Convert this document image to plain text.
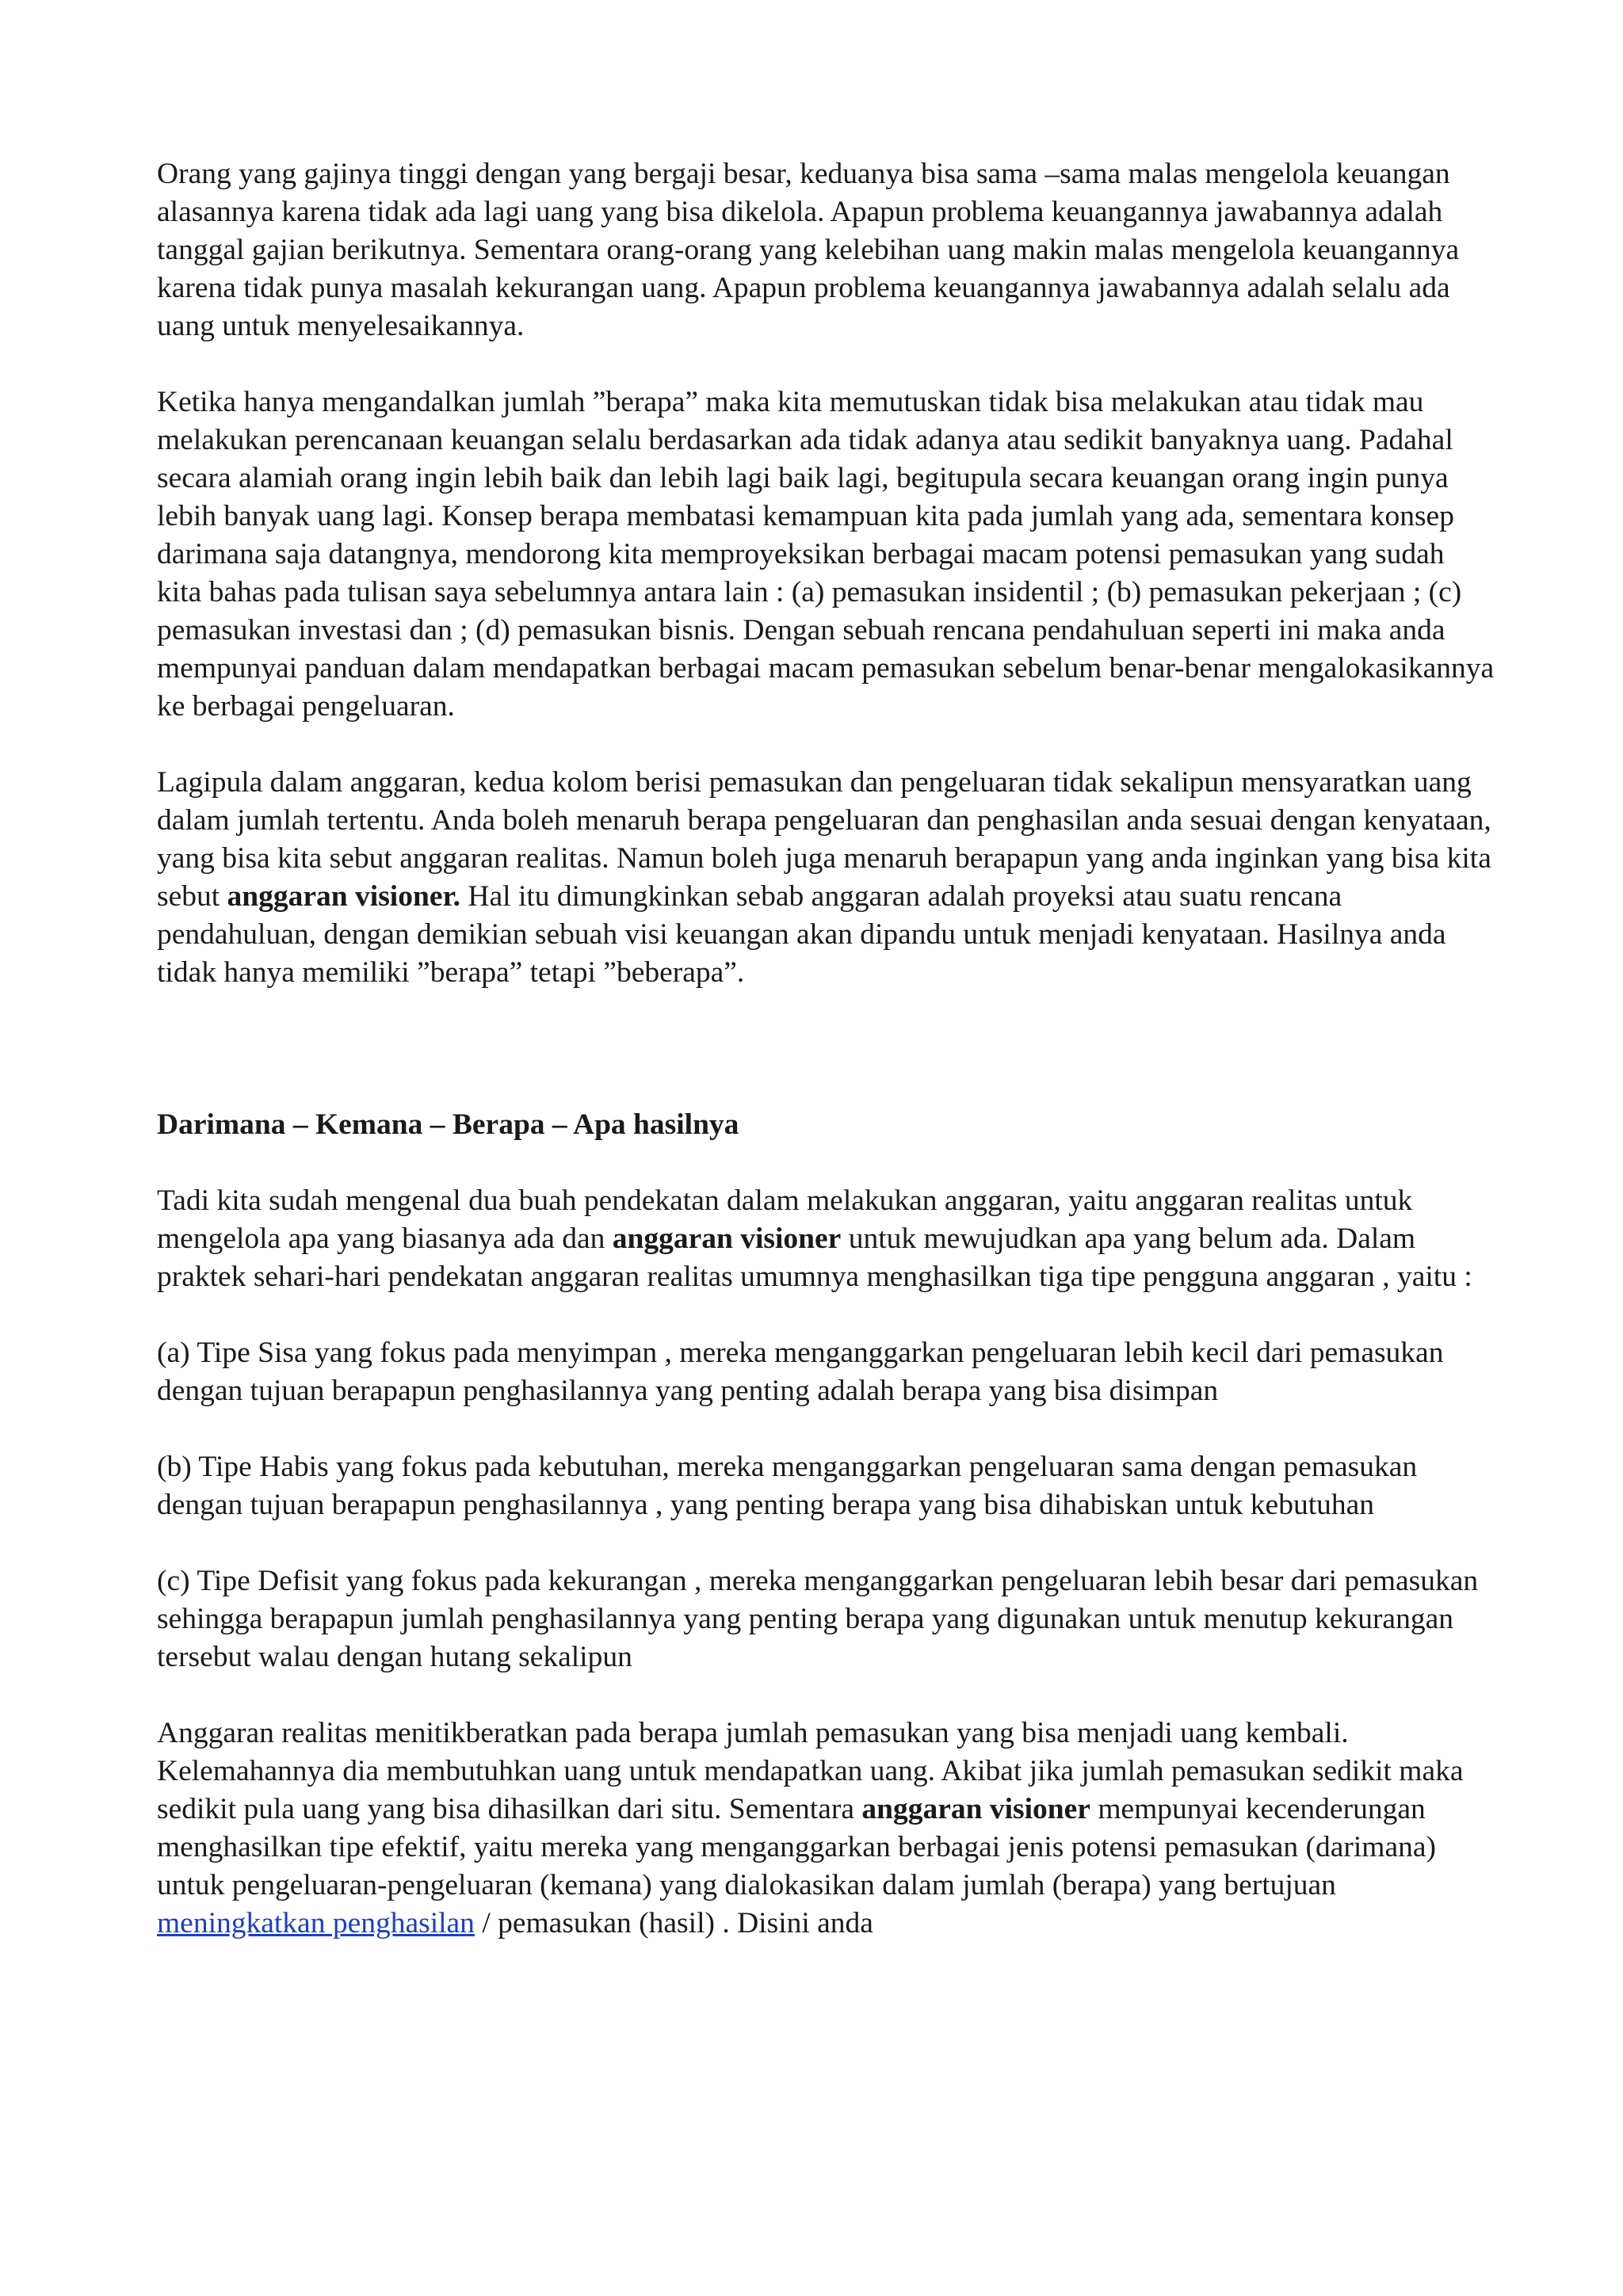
Orang yang gajinya tinggi dengan yang bergaji besar, keduanya bisa sama –sama malas mengelola keuangan alasannya karena tidak ada lagi uang yang bisa dikelola. Apapun problema keuangannya jawabannya adalah tanggal gajian berikutnya. Sementara orang-orang yang kelebihan uang makin malas mengelola keuangannya karena tidak punya masalah kekurangan uang. Apapun problema keuangannya jawabannya adalah selalu ada uang untuk menyelesaikannya.

Ketika hanya mengandalkan jumlah ”berapa” maka kita memutuskan tidak bisa melakukan atau tidak mau melakukan perencanaan keuangan selalu berdasarkan ada tidak adanya atau sedikit banyaknya uang. Padahal secara alamiah orang ingin lebih baik dan lebih lagi baik lagi, begitupula secara keuangan orang ingin punya lebih banyak uang lagi. Konsep berapa membatasi kemampuan kita pada jumlah yang ada, sementara konsep darimana saja datangnya, mendorong kita memproyeksikan berbagai macam potensi pemasukan yang sudah kita bahas pada tulisan saya sebelumnya antara lain : (a) pemasukan insidentil ; (b) pemasukan pekerjaan ; (c) pemasukan investasi dan ; (d) pemasukan bisnis. Dengan sebuah rencana pendahuluan seperti ini maka anda mempunyai panduan dalam mendapatkan berbagai macam pemasukan sebelum benar-benar mengalokasikannya ke berbagai pengeluaran.

Lagipula dalam anggaran, kedua kolom berisi pemasukan dan pengeluaran tidak sekalipun mensyaratkan uang dalam jumlah tertentu. Anda boleh menaruh berapa pengeluaran dan penghasilan anda sesuai dengan kenyataan, yang bisa kita sebut anggaran realitas. Namun boleh juga menaruh berapapun yang anda inginkan yang bisa kita sebut anggaran visioner. Hal itu dimungkinkan sebab anggaran adalah proyeksi atau suatu rencana pendahuluan, dengan demikian sebuah visi keuangan akan dipandu untuk menjadi kenyataan. Hasilnya anda tidak hanya memiliki ”berapa” tetapi ”beberapa”.

Darimana – Kemana – Berapa – Apa hasilnya

Tadi kita sudah mengenal dua buah pendekatan dalam melakukan anggaran, yaitu anggaran realitas untuk mengelola apa yang biasanya ada dan anggaran visioner untuk mewujudkan apa yang belum ada. Dalam praktek sehari-hari pendekatan anggaran realitas umumnya menghasilkan tiga tipe pengguna anggaran , yaitu :

(a) Tipe Sisa yang fokus pada menyimpan , mereka menganggarkan pengeluaran lebih kecil dari pemasukan dengan tujuan berapapun penghasilannya yang penting adalah berapa yang bisa disimpan

(b) Tipe Habis yang fokus pada kebutuhan, mereka menganggarkan pengeluaran sama dengan pemasukan dengan tujuan berapapun penghasilannya , yang penting berapa yang bisa dihabiskan untuk kebutuhan

(c) Tipe Defisit yang fokus pada kekurangan , mereka menganggarkan pengeluaran lebih besar dari pemasukan sehingga berapapun jumlah penghasilannya yang penting berapa yang digunakan untuk menutup kekurangan tersebut walau dengan hutang sekalipun

Anggaran realitas menitikberatkan pada berapa jumlah pemasukan yang bisa menjadi uang kembali. Kelemahannya dia membutuhkan uang untuk mendapatkan uang. Akibat jika jumlah pemasukan sedikit maka sedikit pula uang yang bisa dihasilkan dari situ. Sementara anggaran visioner mempunyai kecenderungan menghasilkan tipe efektif, yaitu mereka yang menganggarkan berbagai jenis potensi pemasukan (darimana) untuk pengeluaran-pengeluaran (kemana) yang dialokasikan dalam jumlah (berapa) yang bertujuan meningkatkan penghasilan / pemasukan (hasil) . Disini anda
